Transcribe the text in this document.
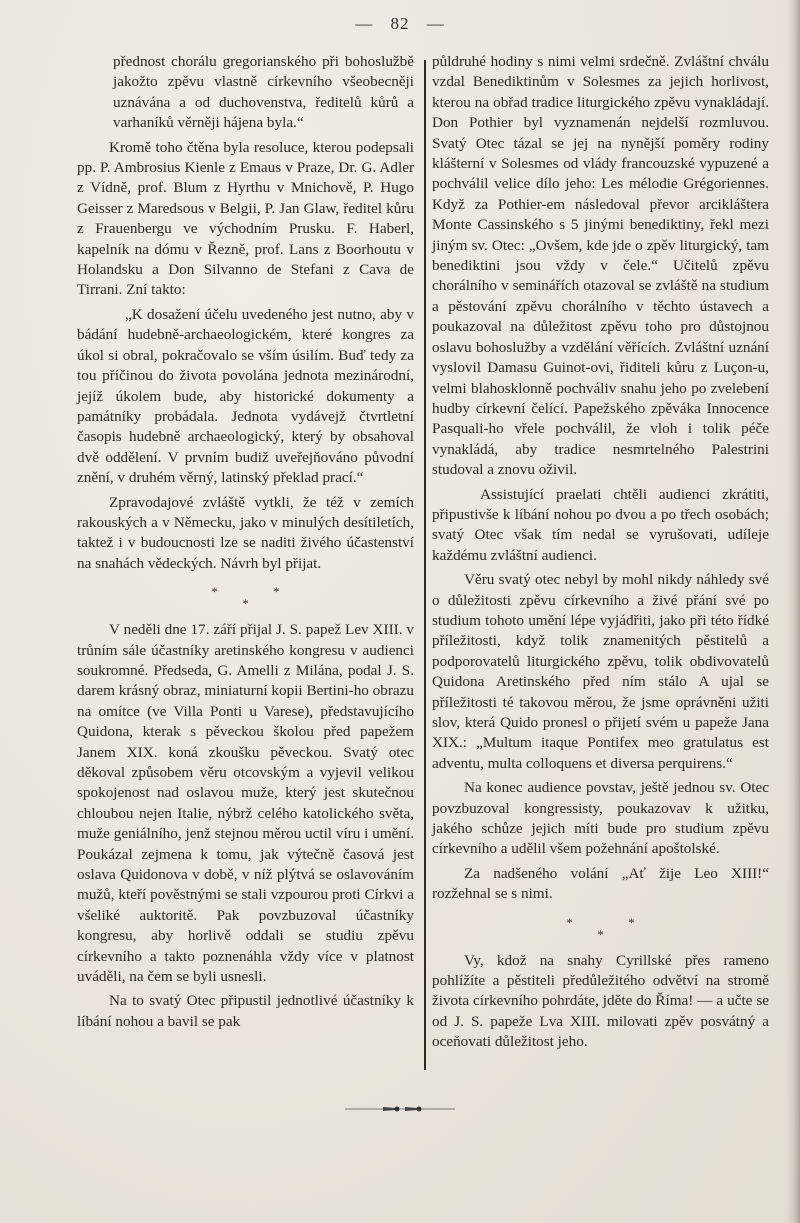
— 82 —

přednost chorálu gregorianského při bohoslužbě jakožto zpěvu vlastně církevního všeobecněji uznávána a od duchovenstva, ředitelů kůrů a varhaníků věrněji hájena byla.“

Kromě toho čtěna byla resoluce, kterou podepsali pp. P. Ambrosius Kienle z Emaus v Praze, Dr. G. Adler z Vídně, prof. Blum z Hyrthu v Mnichově, P. Hugo Geisser z Maredsous v Belgii, P. Jan Glaw, ředitel kůru z Frauenbergu ve východním Prusku. F. Haberl, kapelník na dómu v Řezně, prof. Lans z Boorhoutu v Holandsku a Don Silvanno de Stefani z Cava de Tirrani. Zní takto:

„K dosažení účelu uvedeného jest nutno, aby v bádání hudebně-archaeologickém, které kongres za úkol si obral, pokračovalo se vším úsilím. Buď tedy za tou příčinou do života povolána jednota mezinárodní, jejíž úkolem bude, aby historické dokumenty a památníky probádala. Jednota vydávejž čtvrtletní časopis hudebně archaeologický, který by obsahoval dvě oddělení. V prvním budiž uveřejňováno původní znění, v druhém věrný, latinský překlad prací.“

Zpravodajové zvláště vytkli, že též v zemích rakouských a v Německu, jako v minulých desítiletích, taktež i v budoucnosti lze se naditi živého účastenství na snahách vědeckých. Návrh byl přijat.

* *
*

V neděli dne 17. září přijal J. S. papež Lev XIII. v trůním sále účastníky aretinského kongresu v audienci soukromné. Předseda, G. Amelli z Milána, podal J. S. darem krásný obraz, miniaturní kopii Bertini-ho obrazu na omítce (ve Villa Ponti u Varese), představujícího Quidona, kterak s pěveckou školou před papežem Janem XIX. koná zkoušku pěveckou. Svatý otec děkoval způsobem věru otcovským a vyjevil velikou spokojenost nad oslavou muže, který jest skutečnou chloubou nejen Italie, nýbrž celého katolického světa, muže geniálního, jenž stejnou měrou uctil víru i umění. Poukázal zejmena k tomu, jak výtečně časová jest oslava Quidonova v době, v níž plýtvá se oslavováním mužů, kteří pověstnými se stali vzpourou proti Církvi a všeliké auktoritě. Pak povzbuzoval účastníky kongresu, aby horlivě oddali se studiu zpěvu církevního a takto poznenáhla vždy více v platnost uváděli, na čem se byli usnesli.

Na to svatý Otec připustil jednotlivé účastníky k líbání nohou a bavil se pak

půldruhé hodiny s nimi velmi srdečně. Zvláštní chválu vzdal Benediktinům v Solesmes za jejich horlivost, kterou na obřad tradice liturgického zpěvu vynakládají. Don Pothier byl vyznamenán nejdelší rozmluvou. Svatý Otec tázal se jej na nynější poměry rodiny klášterní v Solesmes od vlády francouzské vypuzené a pochválil velice dílo jeho: Les mélodie Grégoriennes. Když za Pothier-em následoval převor arcikláštera Monte Cassinského s 5 jinými benediktiny, řekl mezi jiným sv. Otec: „Ovšem, kde jde o zpěv liturgický, tam benediktini jsou vždy v čele.“ Učitelů zpěvu chorálního v seminářích otazoval se zvláště na studium a pěstování zpěvu chorálního v těchto ústavech a poukazoval na důležitost zpěvu toho pro důstojnou oslavu bohoslužby a vzdělání věřících. Zvláštní uznání vyslovil Damasu Guinot-ovi, řiditeli kůru z Luçon-u, velmi blahosklonně pochváliv snahu jeho po zvelebení hudby církevní čelící. Papežského zpěváka Innocence Pasquali-ho vřele pochválil, že vloh i tolik péče vynakládá, aby tradice nesmrtelného Palestrini studoval a znovu oživil.

Assistující praelati chtěli audienci zkrátiti, připustivše k líbání nohou po dvou a po třech osobách; svatý Otec však tím nedal se vyrušovati, udíleje každému zvláštní audienci.

Věru svatý otec nebyl by mohl nikdy náhledy své o důležitosti zpěvu církevního a živé přání své po studium tohoto umění lépe vyjádřiti, jako při této řídké příležitosti, když tolik znamenitých pěstitelů a podporovatelů liturgického zpěvu, tolik obdivovatelů Quidona Aretinského před ním stálo A ujal se příležitosti té takovou měrou, že jsme oprávněni užiti slov, která Quido pronesl o přijetí svém u papeže Jana XIX.: „Multum itaque Pontifex meo gratulatus est adventu, multa colloquens et diversa perquirens.“

Na konec audience povstav, ještě jednou sv. Otec povzbuzoval kongressisty, poukazovav k užitku, jakého schůze jejich míti bude pro studium zpěvu církevního a udělil všem požehnání apoštolské.

Za nadšeného volání „Ať žije Leo XIII!“ rozžehnal se s nimi.

* *
*

Vy, kdož na snahy Cyrillské přes rameno pohlížíte a pěstiteli předůležitého odvětví na stromě života církevního pohrdáte, jděte do Říma! — a učte se od J. S. papeže Lva XIII. milovati zpěv posvátný a oceňovati důležitost jeho.
